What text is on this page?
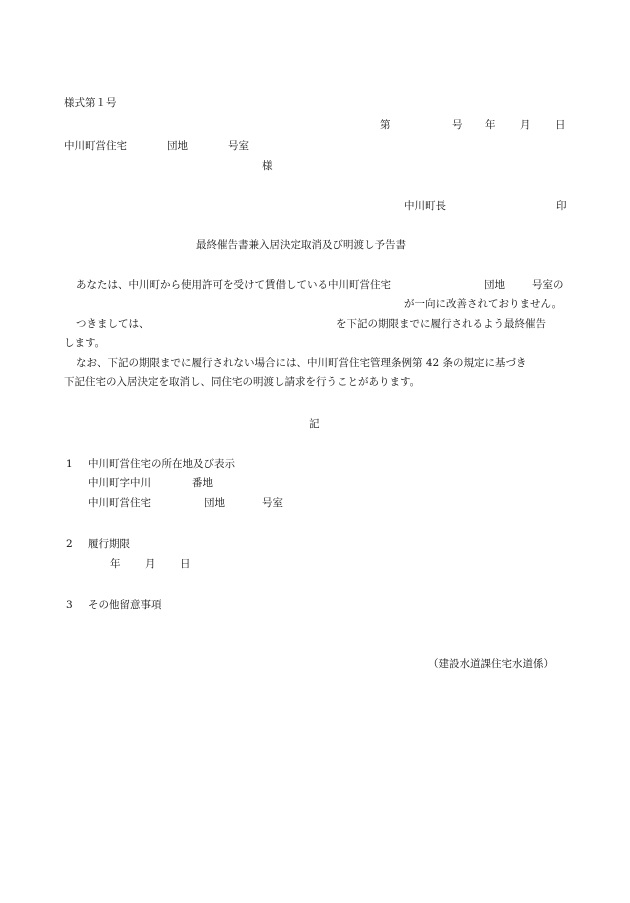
様式第１号
第	号 年 月 日
中川町営住宅	団地	号室
様
中川町長	印
最終催告書兼入居決定取消及び明渡し予告書
あなたは、中川町から使用許可を受けて賃借している中川町営住宅	団地	号室の
が一向に改善されておりません。
つきましては、	を下記の期限までに履行されるよう最終催告
します。
なお、下記の期限までに履行されない場合には、中川町営住宅管理条例第 42 条の規定に基づき
下記住宅の入居決定を取消し、同住宅の明渡し請求を行うことがあります。
記
1 中川町営住宅の所在地及び表示
中川町字中川	番地
中川町営住宅	団地	号室
2 履行期限
年 月 日
3 その他留意事項
（建設水道課住宅水道係）
